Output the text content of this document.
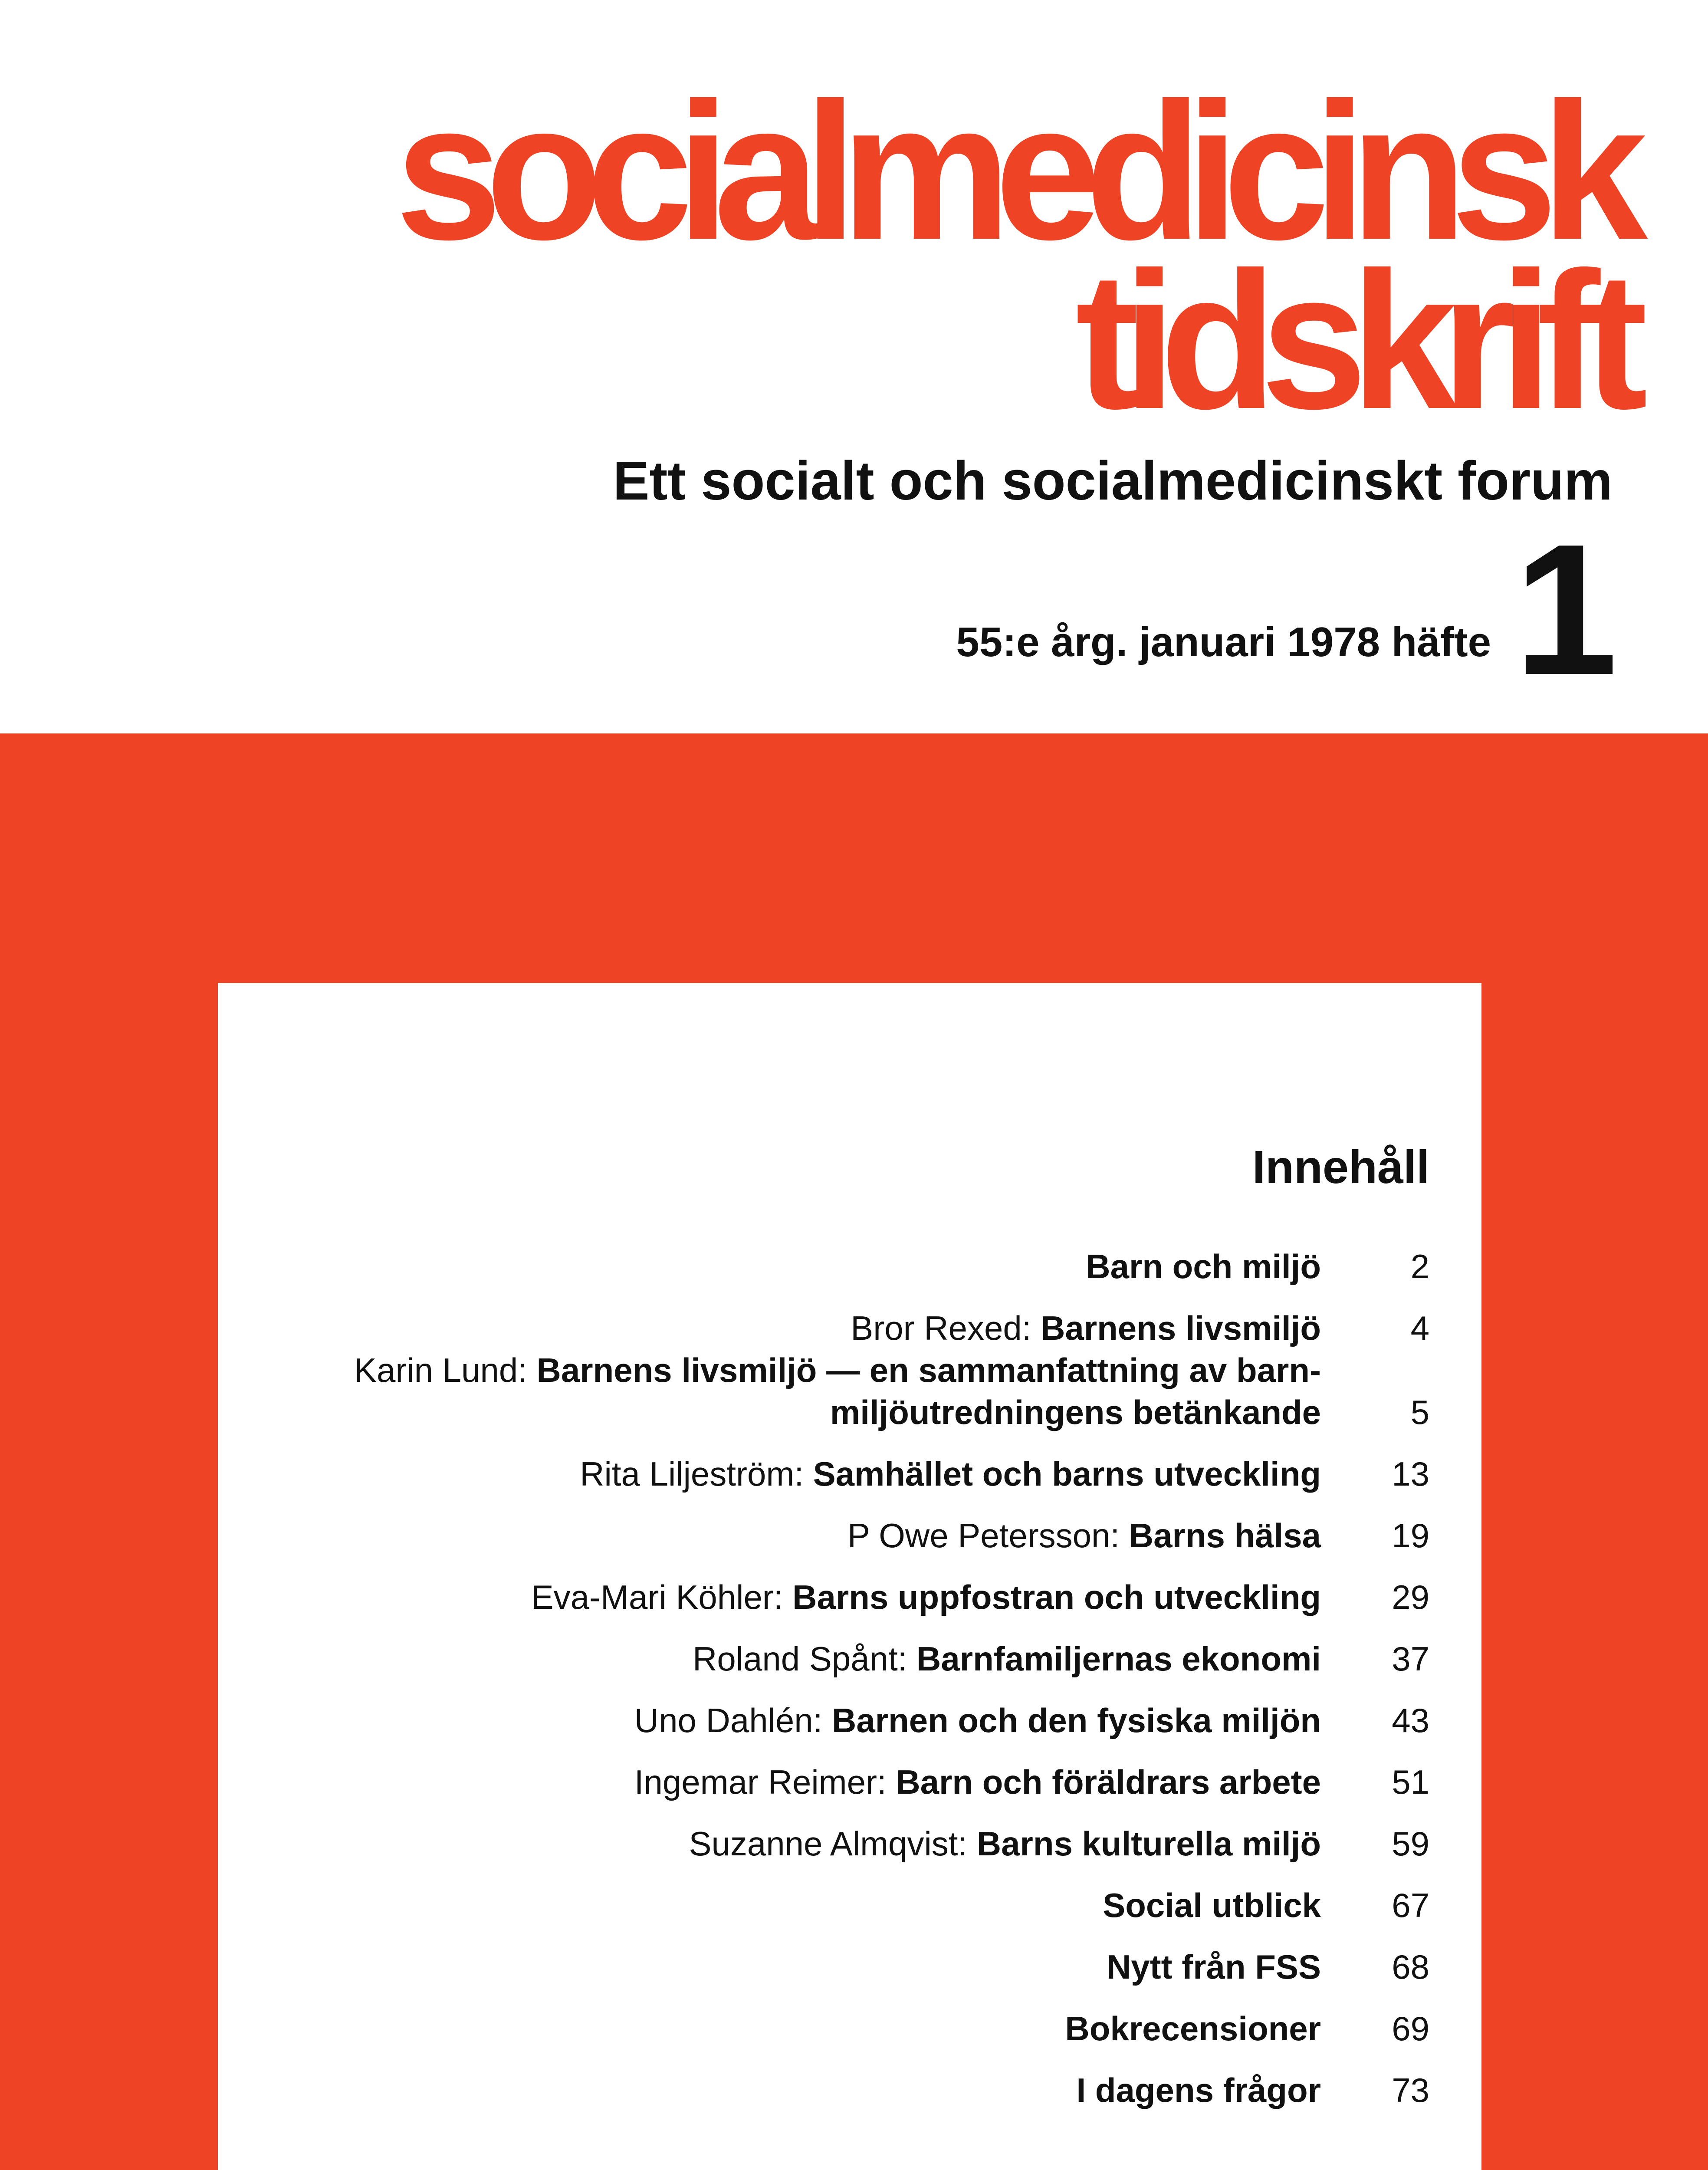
socialmedicinsk
tidskrift
Ett socialt och socialmedicinskt forum
55:e årg. januari 1978 häfte 1
Innehåll
Barn och miljö	2
Bror Rexed: Barnens livsmiljö	4
Karin Lund: Barnens livsmiljö — en sammanfattning av barn-miljöutredningens betänkande	5
Rita Liljeström: Samhället och barns utveckling	13
P Owe Petersson: Barns hälsa	19
Eva-Mari Köhler: Barns uppfostran och utveckling	29
Roland Spånt: Barnfamiljernas ekonomi	37
Uno Dahlén: Barnen och den fysiska miljön	43
Ingemar Reimer: Barn och föräldrars arbete	51
Suzanne Almqvist: Barns kulturella miljö	59
Social utblick	67
Nytt från FSS	68
Bokrecensioner	69
I dagens frågor	73
